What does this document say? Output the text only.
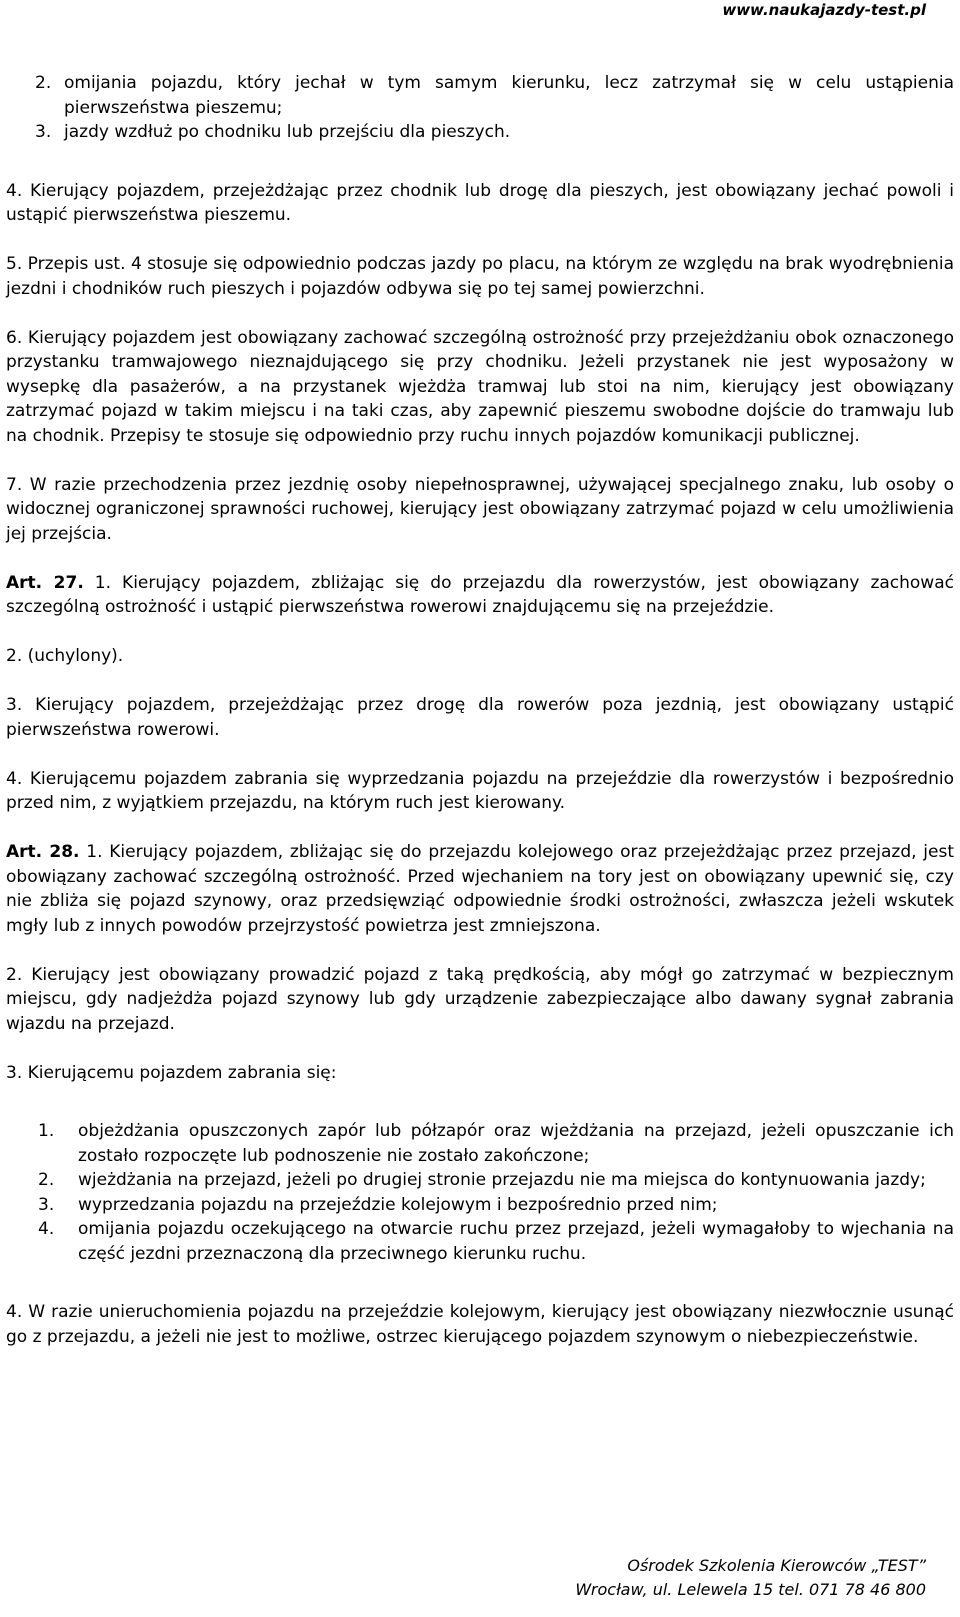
www.naukajazdy-test.pl
2. omijania pojazdu, który jechał w tym samym kierunku, lecz zatrzymał się w celu ustąpienia pierwszeństwa pieszemu;
3. jazdy wzdłuż po chodniku lub przejściu dla pieszych.

4. Kierujący pojazdem, przejeżdżając przez chodnik lub drogę dla pieszych, jest obowiązany jechać powoli i ustąpić pierwszeństwa pieszemu.

5. Przepis ust. 4 stosuje się odpowiednio podczas jazdy po placu, na którym ze względu na brak wyodrębnienia jezdni i chodników ruch pieszych i pojazdów odbywa się po tej samej powierzchni.

6. Kierujący pojazdem jest obowiązany zachować szczególną ostrożność przy przejeżdżaniu obok oznaczonego przystanku tramwajowego nieznajdującego się przy chodniku. Jeżeli przystanek nie jest wyposażony w wysepkę dla pasażerów, a na przystanek wjeżdża tramwaj lub stoi na nim, kierujący jest obowiązany zatrzymać pojazd w takim miejscu i na taki czas, aby zapewnić pieszemu swobodne dojście do tramwaju lub na chodnik. Przepisy te stosuje się odpowiednio przy ruchu innych pojazdów komunikacji publicznej.

7. W razie przechodzenia przez jezdnię osoby niepełnosprawnej, używającej specjalnego znaku, lub osoby o widocznej ograniczonej sprawności ruchowej, kierujący jest obowiązany zatrzymać pojazd w celu umożliwienia jej przejścia.

Art. 27. 1. Kierujący pojazdem, zbliżając się do przejazdu dla rowerzystów, jest obowiązany zachować szczególną ostrożność i ustąpić pierwszeństwa rowerowi znajdującemu się na przejeździe.

2. (uchylony).

3. Kierujący pojazdem, przejeżdżając przez drogę dla rowerów poza jezdnią, jest obowiązany ustąpić pierwszeństwa rowerowi.

4. Kierującemu pojazdem zabrania się wyprzedzania pojazdu na przejeździe dla rowerzystów i bezpośrednio przed nim, z wyjątkiem przejazdu, na którym ruch jest kierowany.

Art. 28. 1. Kierujący pojazdem, zbliżając się do przejazdu kolejowego oraz przejeżdżając przez przejazd, jest obowiązany zachować szczególną ostrożność. Przed wjechaniem na tory jest on obowiązany upewnić się, czy nie zbliża się pojazd szynowy, oraz przedsięwziąć odpowiednie środki ostrożności, zwłaszcza jeżeli wskutek mgły lub z innych powodów przejrzystość powietrza jest zmniejszona.

2. Kierujący jest obowiązany prowadzić pojazd z taką prędkością, aby mógł go zatrzymać w bezpiecznym miejscu, gdy nadjeżdża pojazd szynowy lub gdy urządzenie zabezpieczające albo dawany sygnał zabrania wjazdu na przejazd.

3. Kierującemu pojazdem zabrania się:

1.	objeżdżania opuszczonych zapór lub półzapór oraz wjeżdżania na przejazd, jeżeli opuszczanie ich zostało rozpoczęte lub podnoszenie nie zostało zakończone;
2.	wjeżdżania na przejazd, jeżeli po drugiej stronie przejazdu nie ma miejsca do kontynuowania jazdy;
3.	wyprzedzania pojazdu na przejeździe kolejowym i bezpośrednio przed nim;
4.	omijania pojazdu oczekującego na otwarcie ruchu przez przejazd, jeżeli wymagałoby to wjechania na część jezdni przeznaczoną dla przeciwnego kierunku ruchu.

4. W razie unieruchomienia pojazdu na przejeździe kolejowym, kierujący jest obowiązany niezwłocznie usunąć go z przejazdu, a jeżeli nie jest to możliwe, ostrzec kierującego pojazdem szynowym o niebezpieczeństwie.

Ośrodek Szkolenia Kierowców „TEST”
Wrocław, ul. Lelewela 15 tel. 071 78 46 800
